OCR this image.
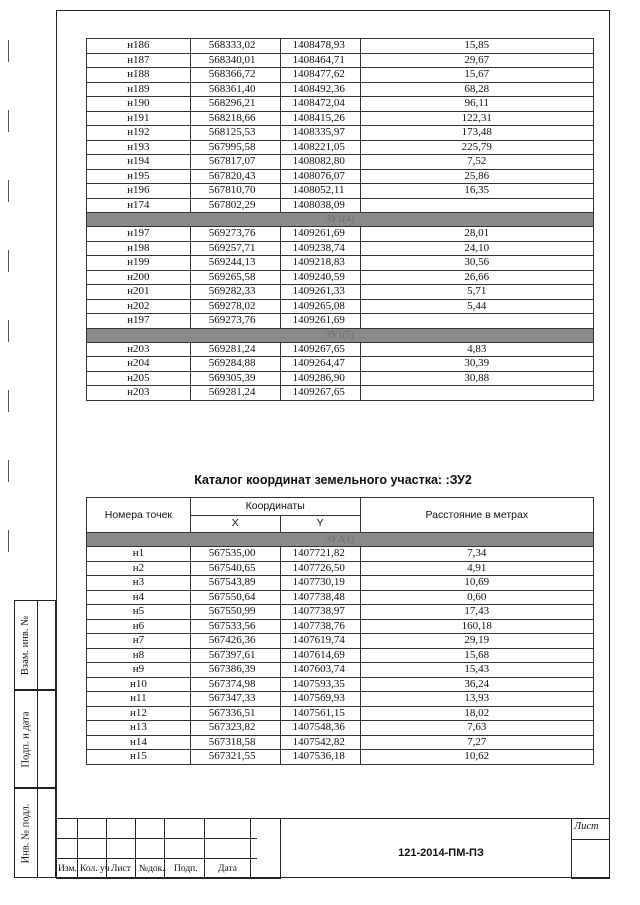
н186	568333,02	1408478,93	15,85
н187	568340,01	1408464,71	29,67
н188	568366,72	1408477,62	15,67
н189	568361,40	1408492,36	68,28
н190	568296,21	1408472,04	96,11
н191	568218,66	1408415,26	122,31
н192	568125,53	1408335,97	173,48
н193	567995,58	1408221,05	225,79
н194	567817,07	1408082,80	7,52
н195	567820,43	1408076,07	25,86
н196	567810,70	1408052,11	16,35
н174	567802,29	1408038,09	
ЗУ1(4)			
н197	569273,76	1409261,69	28,01
н198	569257,71	1409238,74	24,10
н199	569244,13	1409218,83	30,56
н200	569265,58	1409240,59	26,66
н201	569282,33	1409261,33	5,71
н202	569278,02	1409265,08	5,44
н197	569273,76	1409261,69	
ЗУ1(5)			
н203	569281,24	1409267,65	4,83
н204	569284,88	1409264,47	30,39
н205	569305,39	1409286,90	30,88
н203	569281,24	1409267,65	
Каталог координат земельного участка: :ЗУ2
Номера точек	Координаты		Расстояние в метрах
	X	Y	
ЗУ2(1)			
н1	567535,00	1407721,82	7,34
н2	567540,65	1407726,50	4,91
н3	567543,89	1407730,19	10,69
н4	567550,64	1407738,48	0,60
н5	567550,99	1407738,97	17,43
н6	567533,56	1407738,76	160,18
н7	567426,36	1407619,74	29,19
н8	567397,61	1407614,69	15,68
н9	567386,39	1407603,74	15,43
н10	567374,98	1407593,35	36,24
н11	567347,33	1407569,93	13,93
н12	567336,51	1407561,15	18,02
н13	567323,82	1407548,36	7,63
н14	567318,58	1407542,82	7,27
н15	567321,55	1407536,18	10,62
Взам. инв. №
Подп. и дата
Инв. № подл.
Изм. Кол. уч Лист №док. Подп. Дата
121-2014-ПМ-ПЗ
Лист
